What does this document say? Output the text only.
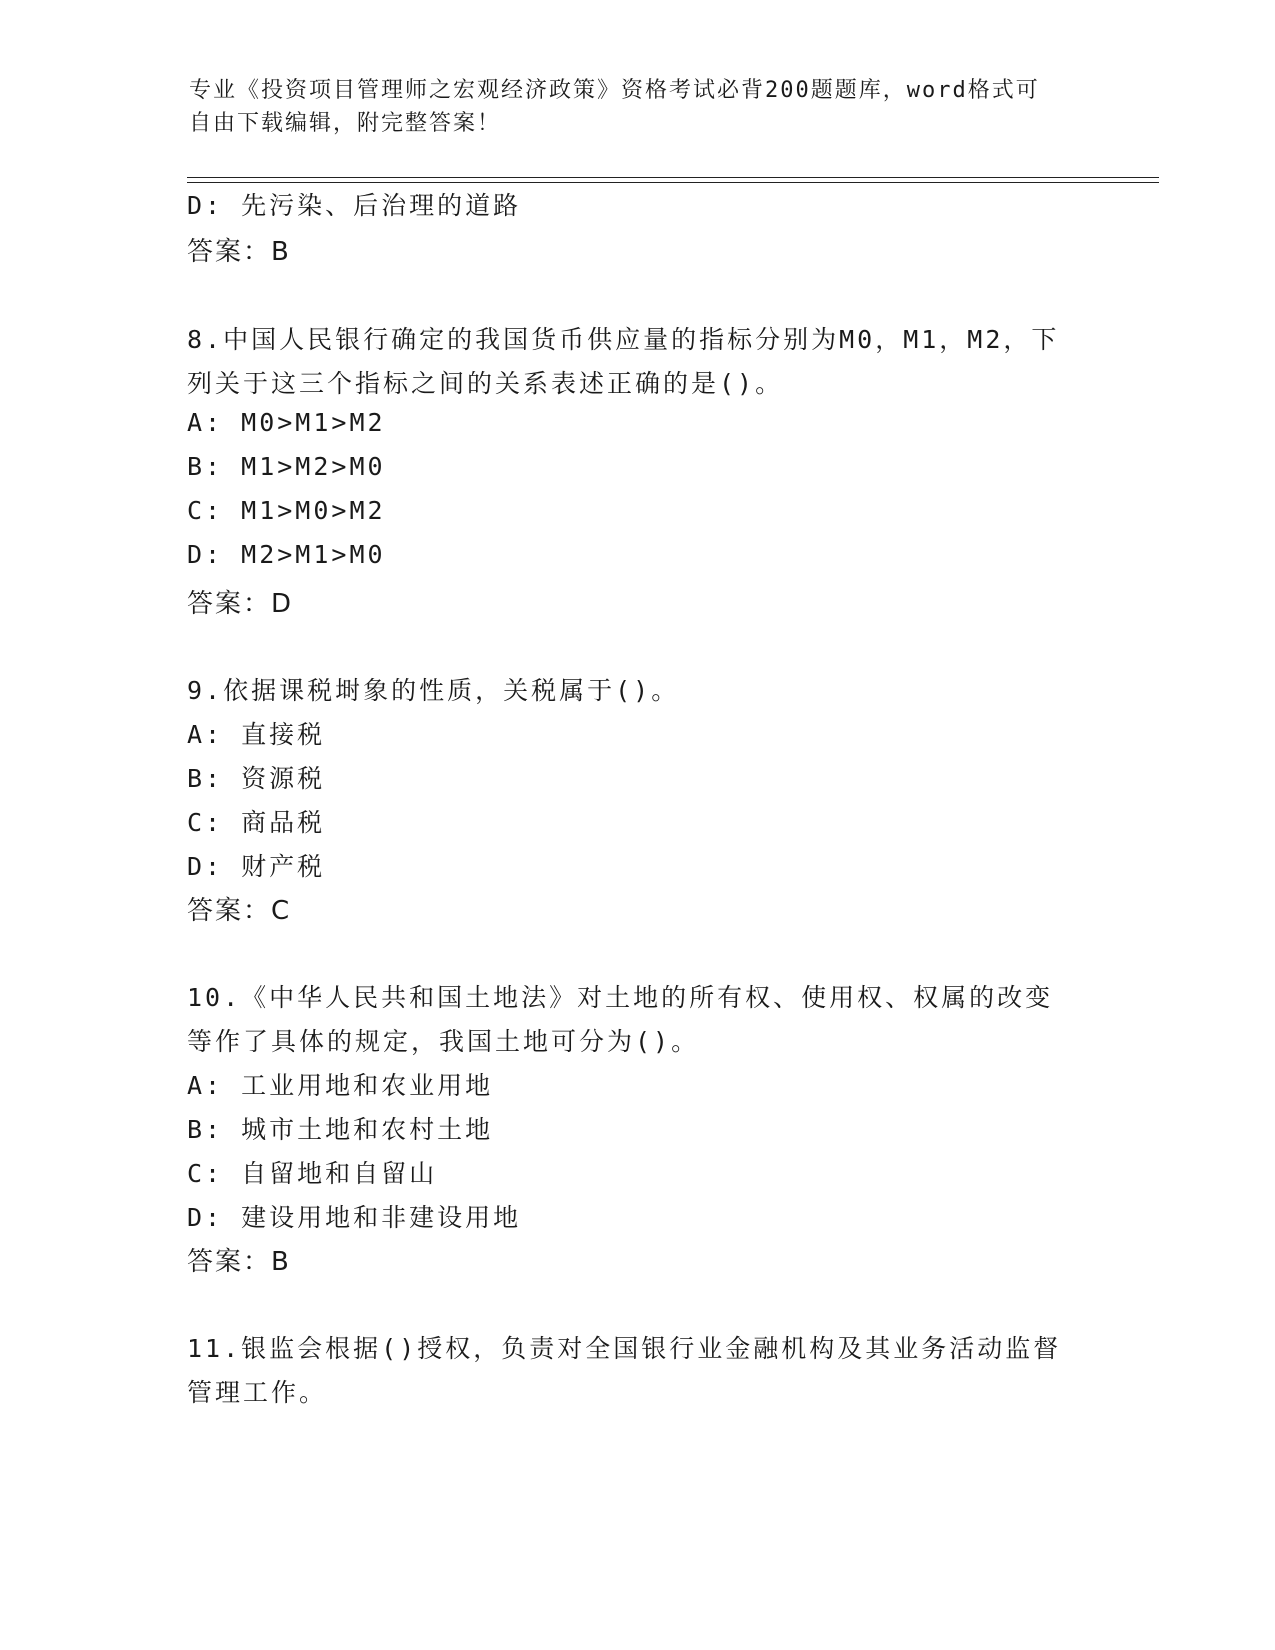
专业《投资项目管理师之宏观经济政策》资格考试必背200题题库，word格式可
自由下载编辑，附完整答案！
D: 先污染、后治理的道路
答案：B
8.中国人民银行确定的我国货币供应量的指标分别为M0，M1，M2，下
列关于这三个指标之间的关系表述正确的是()。
A: M0>M1>M2
B: M1>M2>M0
C: M1>M0>M2
D: M2>M1>M0
答案：D
9.依据课税埘象的性质，关税属于()。
A: 直接税
B: 资源税
C: 商品税
D: 财产税
答案：C
10.《中华人民共和国土地法》对土地的所有权、使用权、权属的改变
等作了具体的规定，我国土地可分为()。
A: 工业用地和农业用地
B: 城市土地和农村土地
C: 自留地和自留山
D: 建设用地和非建设用地
答案：B
11.银监会根据()授权，负责对全国银行业金融机构及其业务活动监督
管理工作。
